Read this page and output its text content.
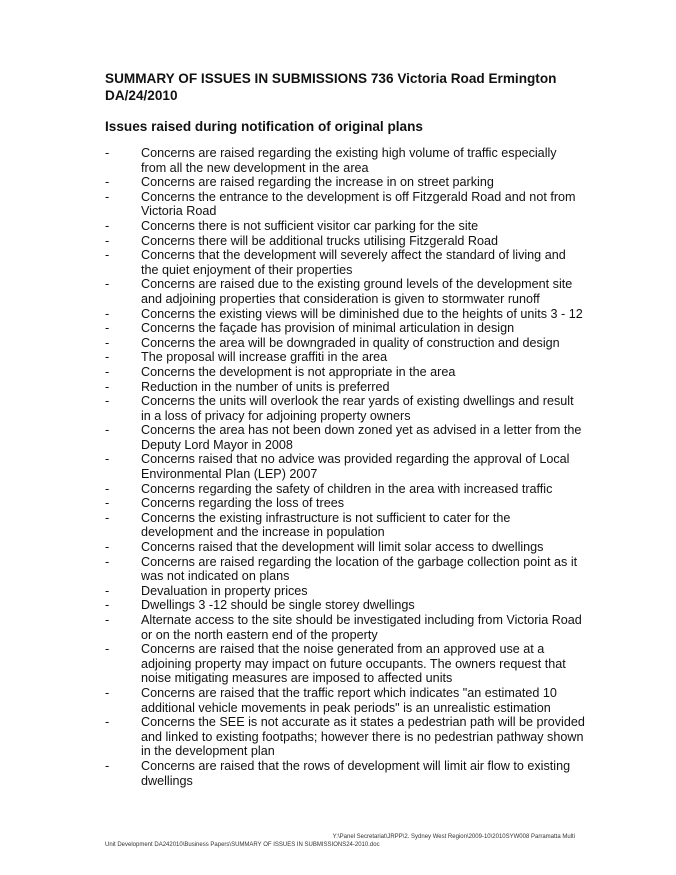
SUMMARY OF ISSUES IN SUBMISSIONS 736 Victoria Road Ermington
DA/24/2010
Issues raised during notification of original plans
-	Concerns are raised regarding the existing high volume of traffic especially from all the new development in the area
-	Concerns are raised regarding the increase in on street parking
-	Concerns the entrance to the development is off Fitzgerald Road and not from Victoria Road
-	Concerns there is not sufficient visitor car parking for the site
-	Concerns there will be additional trucks utilising Fitzgerald Road
-	Concerns that the development will severely affect the standard of living and the quiet enjoyment of their properties
-	Concerns are raised due to the existing ground levels of the development site and adjoining properties that consideration is given to stormwater runoff
-	Concerns the existing views will be diminished due to the heights of units 3 - 12
-	Concerns the façade has provision of minimal articulation in design
-	Concerns the area will be downgraded in quality of construction and design
-	The proposal will increase graffiti in the area
-	Concerns the development is not appropriate in the area
-	Reduction in the number of units is preferred
-	Concerns the units will overlook the rear yards of existing dwellings and result in a loss of privacy for adjoining property owners
-	Concerns the area has not been down zoned yet as advised in a letter from the Deputy Lord Mayor in 2008
-	Concerns raised that no advice was provided regarding the approval of Local Environmental Plan (LEP) 2007
-	Concerns regarding the safety of children in the area with increased traffic
-	Concerns regarding the loss of trees
-	Concerns the existing infrastructure is not sufficient to cater for the development and the increase in population
-	Concerns raised that the development will limit solar access to dwellings
-	Concerns are raised regarding the location of the garbage collection point as it was not indicated on plans
-	Devaluation in property prices
-	Dwellings 3 -12 should be single storey dwellings
-	Alternate access to the site should be investigated including from Victoria Road or on the north eastern end of the property
-	Concerns are raised that the noise generated from an approved use at a adjoining property may impact on future occupants. The owners request that noise mitigating measures are imposed to affected units
-	Concerns are raised that the traffic report which indicates "an estimated 10 additional vehicle movements in peak periods" is an unrealistic estimation
-	Concerns the SEE is not accurate as it states a pedestrian path will be provided and linked to existing footpaths; however there is no pedestrian pathway shown in the development plan
-	Concerns are raised that the rows of development will limit air flow to existing dwellings
Y:\Panel Secretariat\JRPP\2. Sydney West Region\2009-10\2010SYW008 Parramatta Multi
Unit Development DA242010\Business Papers\SUMMARY OF ISSUES IN SUBMISSIONS24-2010.doc
